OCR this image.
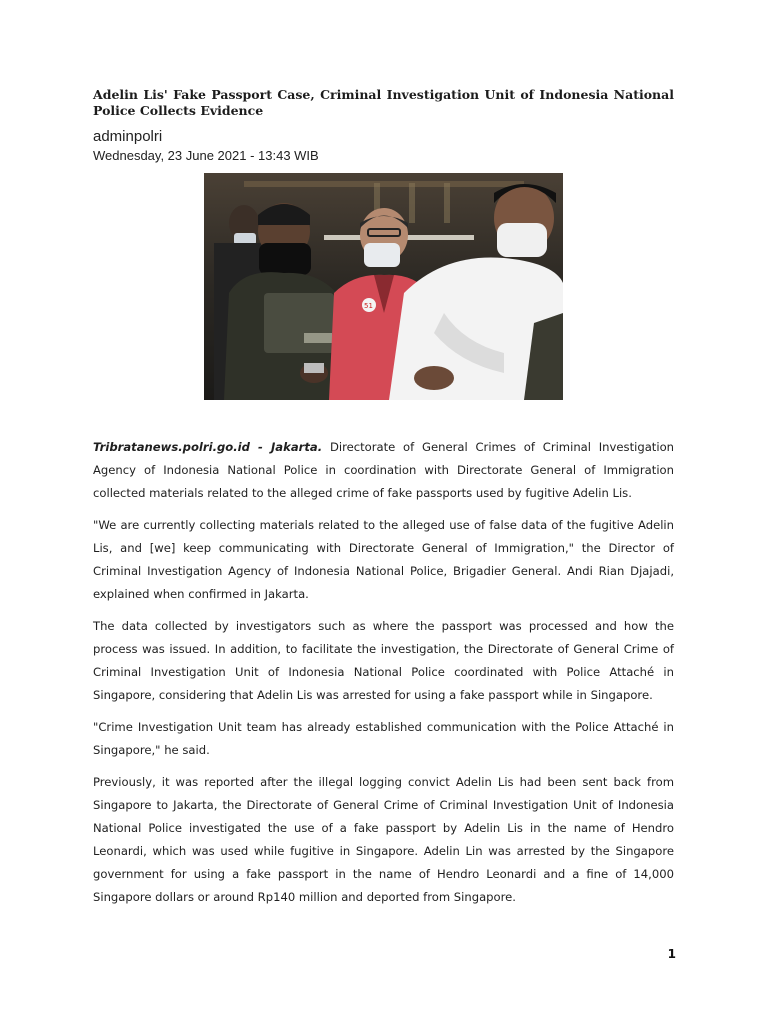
Adelin Lis' Fake Passport Case, Criminal Investigation Unit of Indonesia National Police Collects Evidence
adminpolri
Wednesday, 23 June 2021 - 13:43 WIB
51

Tribratanews.polri.go.id - Jakarta. Directorate of General Crimes of Criminal Investigation Agency of Indonesia National Police in coordination with Directorate General of Immigration collected materials related to the alleged crime of fake passports used by fugitive Adelin Lis.

"We are currently collecting materials related to the alleged use of false data of the fugitive Adelin Lis, and [we] keep communicating with Directorate General of Immigration," the Director of Criminal Investigation Agency of Indonesia National Police, Brigadier General. Andi Rian Djajadi, explained when confirmed in Jakarta.

The data collected by investigators such as where the passport was processed and how the process was issued. In addition, to facilitate the investigation, the Directorate of General Crime of Criminal Investigation Unit of Indonesia National Police coordinated with Police Attaché in Singapore, considering that Adelin Lis was arrested for using a fake passport while in Singapore.

"Crime Investigation Unit team has already established communication with the Police Attaché in Singapore," he said.

Previously, it was reported after the illegal logging convict Adelin Lis had been sent back from Singapore to Jakarta, the Directorate of General Crime of Criminal Investigation Unit of Indonesia National Police investigated the use of a fake passport by Adelin Lis in the name of Hendro Leonardi, which was used while fugitive in Singapore. Adelin Lin was arrested by the Singapore government for using a fake passport in the name of Hendro Leonardi and a fine of 14,000 Singapore dollars or around Rp140 million and deported from Singapore.

1
